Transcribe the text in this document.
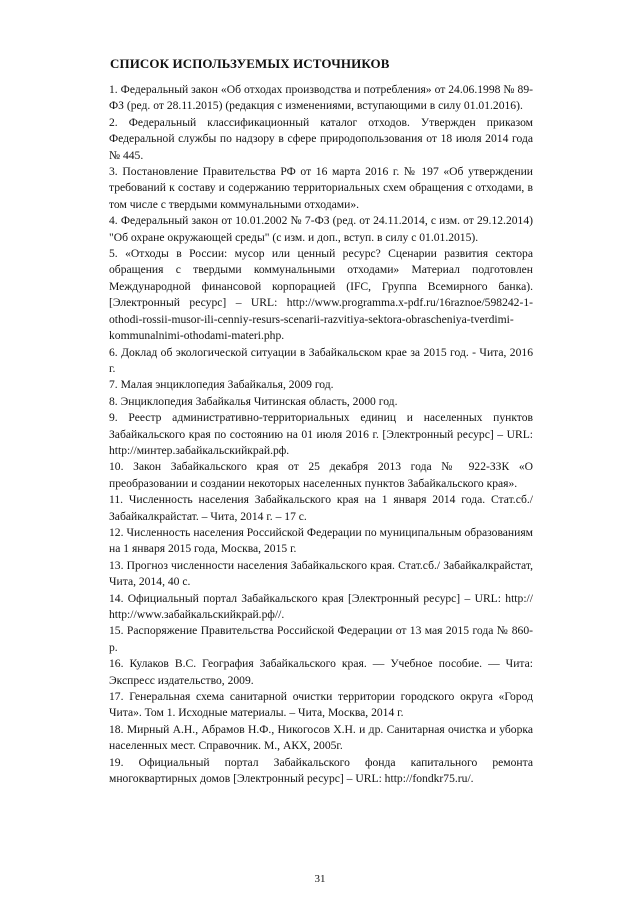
СПИСОК ИСПОЛЬЗУЕМЫХ ИСТОЧНИКОВ

1. Федеральный закон «Об отходах производства и потребления» от 24.06.1998 № 89-ФЗ (ред. от 28.11.2015) (редакция с изменениями, вступающими в силу 01.01.2016).

2. Федеральный классификационный каталог отходов. Утвержден приказом Федеральной службы по надзору в сфере природопользования от 18 июля 2014 года № 445.

3. Постановление Правительства РФ от 16 марта 2016 г. № 197 «Об утверждении требований к составу и содержанию территориальных схем обращения с отходами, в том числе с твердыми коммунальными отходами».

4. Федеральный закон от 10.01.2002 № 7-ФЗ (ред. от 24.11.2014, с изм. от 29.12.2014) "Об охране окружающей среды" (с изм. и доп., вступ. в силу с 01.01.2015).

5. «Отходы в России: мусор или ценный ресурс? Сценарии развития сектора обращения с твердыми коммунальными отходами» Материал подготовлен Международной финансовой корпорацией (IFC, Группа Всемирного банка). [Электронный ресурс] – URL: http://www.programma.x-pdf.ru/16raznoe/598242-1-othodi-rossii-musor-ili-cenniy-resurs-scenarii-razvitiya-sektora-obrascheniya-tverdimi-kommunalnimi-othodami-materi.php.

6. Доклад об экологической ситуации в Забайкальском крае за 2015 год. - Чита, 2016 г.

7. Малая энциклопедия Забайкалья, 2009 год.

8. Энциклопедия Забайкалья Читинская область, 2000 год.

9. Реестр административно-территориальных единиц и населенных пунктов Забайкальского края по состоянию на 01 июля 2016 г. [Электронный ресурс] – URL: http://минтер.забайкальскийкрай.рф.

10. Закон Забайкальского края от 25 декабря 2013 года № 922-ЗЗК «О преобразовании и создании некоторых населенных пунктов Забайкальского края».

11. Численность населения Забайкальского края на 1 января 2014 года. Стат.сб./ Забайкалкрайстат. – Чита, 2014 г. – 17 с.

12. Численность населения Российской Федерации по муниципальным образованиям на 1 января 2015 года, Москва, 2015 г.

13. Прогноз численности населения Забайкальского края. Стат.сб./ Забайкалкрайстат, Чита, 2014, 40 с.

14. Официальный портал Забайкальского края [Электронный ресурс] – URL: http:// http://www.забайкальскийкрай.рф//.

15. Распоряжение Правительства Российской Федерации от 13 мая 2015 года № 860-р.

16. Кулаков В.С. География Забайкальского края. — Учебное пособие. — Чита: Экспресс издательство, 2009.

17. Генеральная схема санитарной очистки территории городского округа «Город Чита». Том 1. Исходные материалы. – Чита, Москва, 2014 г.

18. Мирный А.Н., Абрамов Н.Ф., Никогосов Х.Н. и др. Санитарная очистка и уборка населенных мест. Справочник. М., АКХ, 2005г.

19. Официальный портал Забайкальского фонда капитального ремонта многоквартирных домов [Электронный ресурс] – URL: http://fondkr75.ru/.

31
